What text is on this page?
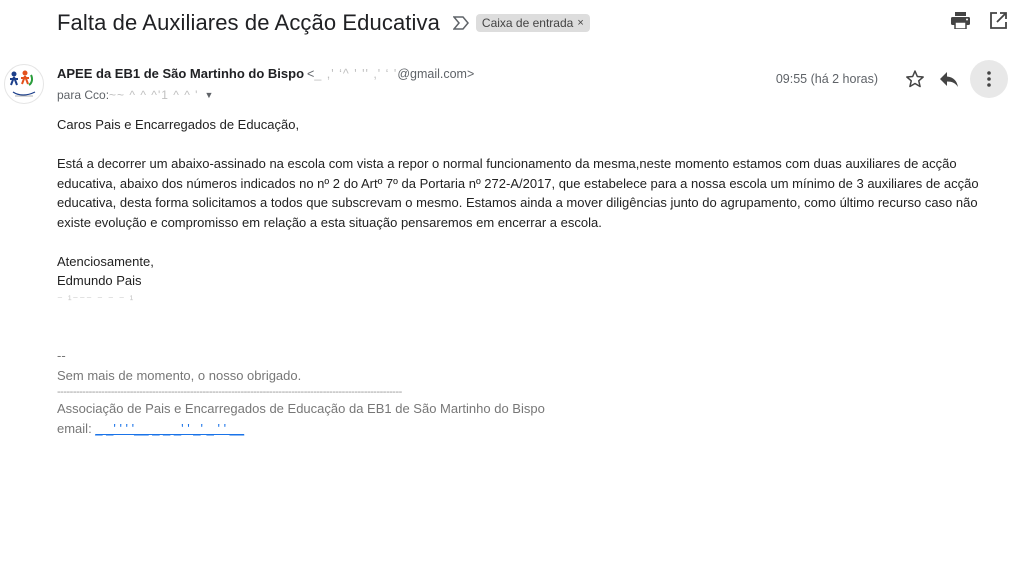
Falta de Auxiliares de Acção Educativa	Caixa de entrada ×
APEE da EB1 de São Martinho do Bispo <_ ,' ‘^ ' '' ,' ‘ '@gmail.com>	09:55 (há 2 horas)
para Cco: ~~ ^ ^ ^'1 ^ ^ ' ▼

Caros Pais e Encarregados de Educação,

Está a decorrer um abaixo-assinado na escola com vista a repor o normal funcionamento da mesma,neste momento estamos com duas auxiliares de acção educativa, abaixo dos números indicados no nº 2 do Artº 7º da Portaria nº 272-A/2017, que estabelece para a nossa escola um mínimo de 3 auxiliares de acção educativa, desta forma solicitamos a todos que subscrevam o mesmo. Estamos ainda a mover diligências junto do agrupamento, como último recurso caso não existe evolução e compromisso em relação a esta situação pensaremos em encerrar a escola.

Atenciosamente,

Edmundo Pais

⁻ ¹⁻⁻⁻ ⁻ ⁻ ⁻ ¹

--
Sem mais de momento, o nosso obrigado.
-------------------------------------------------------------------------------------------------------------
Associação de Pais e Encarregados de Educação da EB1 de São Martinho do Bispo
email: _ _' ' ' '__ _ _ _' ' _' _ ' ' __
